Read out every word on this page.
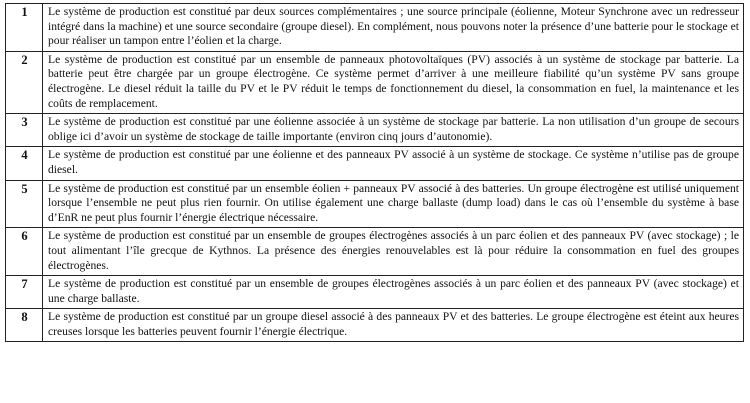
1	Le système de production est constitué par deux sources complémentaires ; une source principale (éolienne, Moteur Synchrone avec un redresseur intégré dans la machine) et une source secondaire (groupe diesel). En complément, nous pouvons noter la présence d’une batterie pour le stockage et pour réaliser un tampon entre l’éolien et la charge.
2	Le système de production est constitué par un ensemble de panneaux photovoltaïques (PV) associés à un système de stockage par batterie. La batterie peut être chargée par un groupe électrogène. Ce système permet d’arriver à une meilleure fiabilité qu’un système PV sans groupe électrogène. Le diesel réduit la taille du PV et le PV réduit le temps de fonctionnement du diesel, la consommation en fuel, la maintenance et les coûts de remplacement.
3	Le système de production est constitué par une éolienne associée à un système de stockage par batterie. La non utilisation d’un groupe de secours oblige ici d’avoir un système de stockage de taille importante (environ cinq jours d’autonomie).
4	Le système de production est constitué par une éolienne et des panneaux PV associé à un système de stockage. Ce système n’utilise pas de groupe diesel.
5	Le système de production est constitué par un ensemble éolien + panneaux PV associé à des batteries. Un groupe électrogène est utilisé uniquement lorsque l’ensemble ne peut plus rien fournir. On utilise également une charge ballaste (dump load) dans le cas où l’ensemble du système à base d’EnR ne peut plus fournir l’énergie électrique nécessaire.
6	Le système de production est constitué par un ensemble de groupes électrogènes associés à un parc éolien et des panneaux PV (avec stockage) ; le tout alimentant l’île grecque de Kythnos. La présence des énergies renouvelables est là pour réduire la consommation en fuel des groupes électrogènes.
7	Le système de production est constitué par un ensemble de groupes électrogènes associés à un parc éolien et des panneaux PV (avec stockage) et une charge ballaste.
8	Le système de production est constitué par un groupe diesel associé à des panneaux PV et des batteries. Le groupe électrogène est éteint aux heures creuses lorsque les batteries peuvent fournir l’énergie électrique.
